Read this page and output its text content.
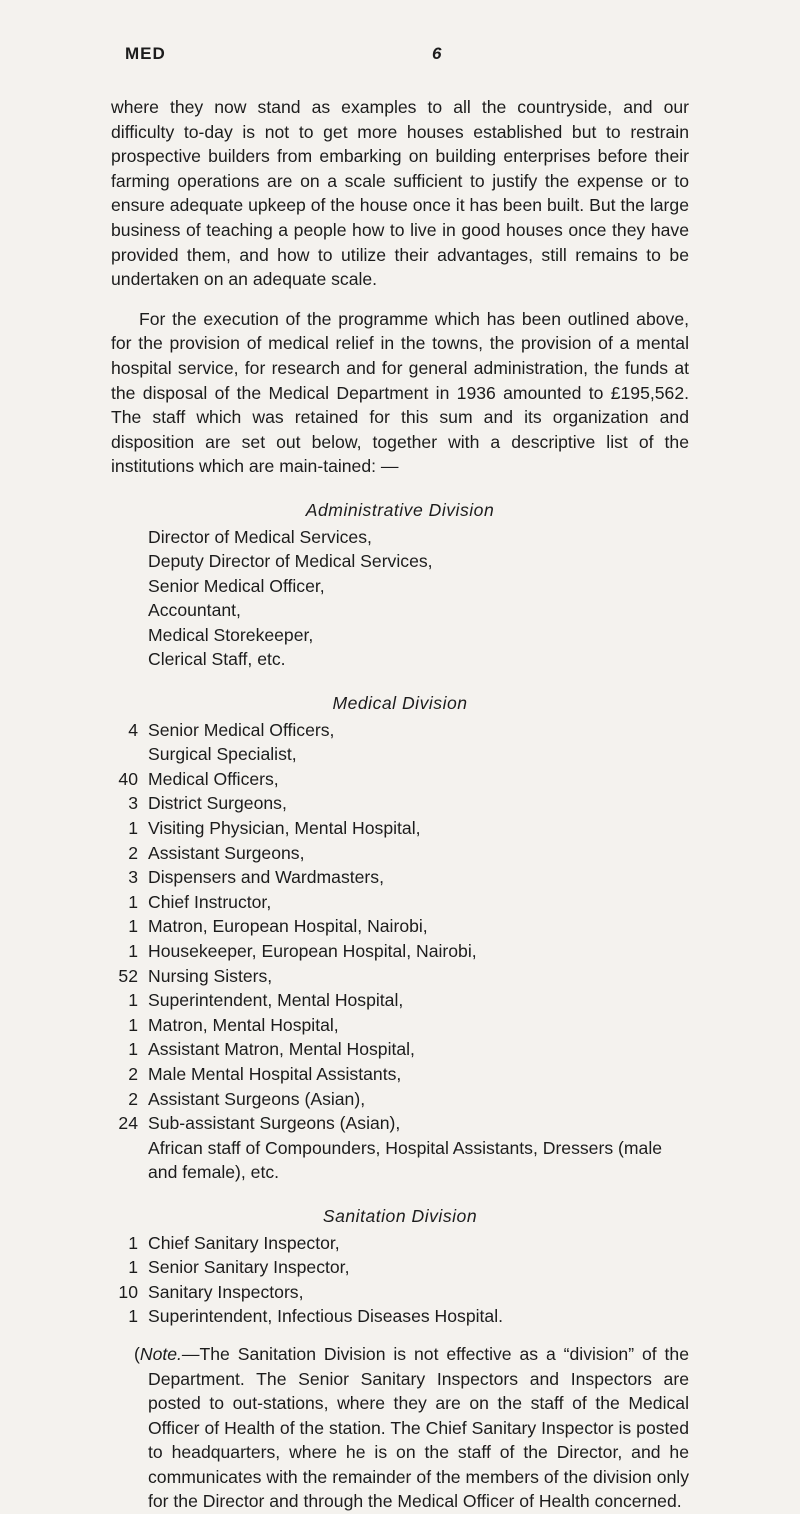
MED	6

where they now stand as examples to all the countryside, and our difficulty to-day is not to get more houses established but to restrain prospective builders from embarking on building enterprises before their farming operations are on a scale sufficient to justify the expense or to ensure adequate upkeep of the house once it has been built. But the large business of teaching a people how to live in good houses once they have provided them, and how to utilize their advantages, still remains to be undertaken on an adequate scale.

For the execution of the programme which has been outlined above, for the provision of medical relief in the towns, the provision of a mental hospital service, for research and for general administration, the funds at the disposal of the Medical Department in 1936 amounted to £195,562. The staff which was retained for this sum and its organization and disposition are set out below, together with a descriptive list of the institutions which are main-tained: —

Administrative Division
Director of Medical Services,
Deputy Director of Medical Services,
Senior Medical Officer,
Accountant,
Medical Storekeeper,
Clerical Staff, etc.
Medical Division
4 Senior Medical Officers,
Surgical Specialist,
40 Medical Officers,
3 District Surgeons,
1 Visiting Physician, Mental Hospital,
2 Assistant Surgeons,
3 Dispensers and Wardmasters,
1 Chief Instructor,
1 Matron, European Hospital, Nairobi,
1 Housekeeper, European Hospital, Nairobi,
52 Nursing Sisters,
1 Superintendent, Mental Hospital,
1 Matron, Mental Hospital,
1 Assistant Matron, Mental Hospital,
2 Male Mental Hospital Assistants,
2 Assistant Surgeons (Asian),
24 Sub-assistant Surgeons (Asian),
African staff of Compounders, Hospital Assistants, Dressers (male and female), etc.
Sanitation Division
1 Chief Sanitary Inspector,
1 Senior Sanitary Inspector,
10 Sanitary Inspectors,
1 Superintendent, Infectious Diseases Hospital.

(Note.—The Sanitation Division is not effective as a “division” of the Department. The Senior Sanitary Inspectors and Inspectors are posted to out-stations, where they are on the staff of the Medical Officer of Health of the station. The Chief Sanitary Inspector is posted to headquarters, where he is on the staff of the Director, and he communicates with the remainder of the members of the division only for the Director and through the Medical Officer of Health concerned.
